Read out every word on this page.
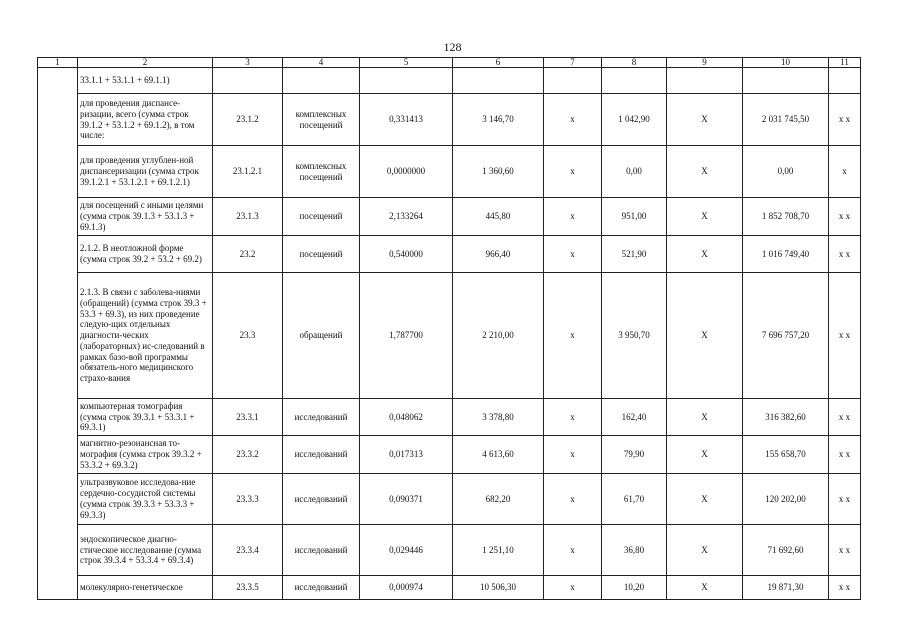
128
1	2	3	4	5	6	7	8	9	10	11
	33.1.1 + 53.1.1 + 69.1.1)									
	для проведения диспансе-ризации, всего (сумма строк 39.1.2 + 53.1.2 + 69.1.2), в том числе:	23.1.2	комплексных посещений	0,331413	3 146,70	х	1 042,90	Х	2 031 745,50	х х
	для проведения углублен-ной диспансеризации (сумма строк 39.1.2.1 + 53.1.2.1 + 69.1.2.1)	23.1.2.1	комплексных посещений	0,0000000	1 360,60	х	0,00	Х	0,00	х
	для посещений с иными целями (сумма строк 39.1.3 + 53.1.3 + 69.1.3)	23.1.3	посещений	2,133264	445,80	х	951,00	Х	1 852 708,70	х х
	2.1.2. В неотложной форме (сумма строк 39.2 + 53.2 + 69.2)	23.2	посещений	0,540000	966,40	х	521,90	Х	1 016 749,40	х х
	2.1.3. В связи с заболева-ниями (обращений) (сумма строк 39.3 + 53.3 + 69.3), из них проведение следую-щих отдельных диагности-ческих (лабораторных) ис-следований в рамках базо-вой программы обязатель-ного медицинского страхо-вания	23.3	обращений	1,787700	2 210,00	х	3 950,70	Х	7 696 757,20	х х
	компьютерная томография (сумма строк 39.3.1 + 53.3.1 + 69.3.1)	23.3.1	исследований	0,048062	3 378,80	х	162,40	Х	316 382,60	х х
	магнитно-резонансная то-мография (сумма строк 39.3.2 + 53.3.2 + 69.3.2)	23.3.2	исследований	0,017313	4 613,60	х	79,90	Х	155 658,70	х х
	ультразвуковое исследова-ние сердечно-сосудистой системы (сумма строк 39.3.3 + 53.3.3 + 69.3.3)	23.3.3	исследований	0,090371	682,20	х	61,70	Х	120 202,00	х х
	эндоскопическое диагно-стическое исследование (сумма строк 39.3.4 + 53.3.4 + 69.3.4)	23.3.4	исследований	0,029446	1 251,10	х	36,80	Х	71 692,60	х х
	молекулярно-генетическое	23.3.5	исследований	0,000974	10 506,30	х	10,20	Х	19 871,30	х х
